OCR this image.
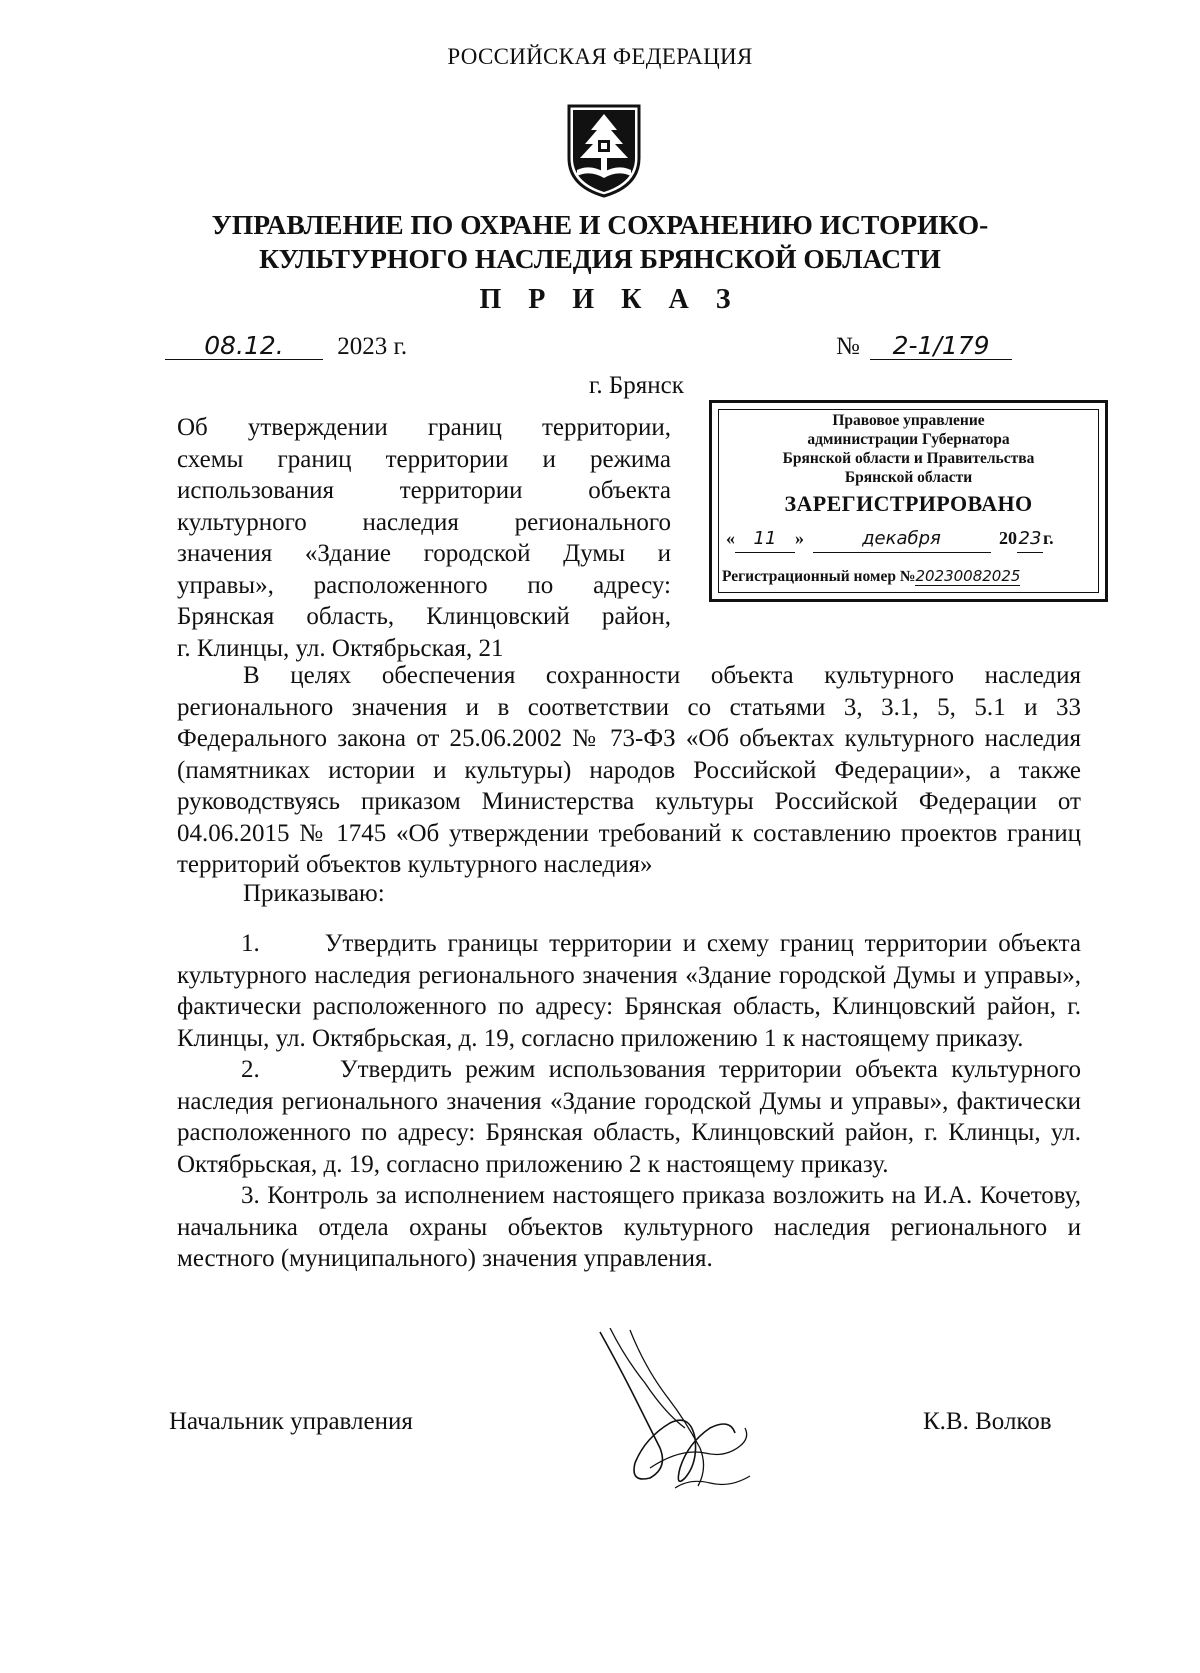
РОССИЙСКАЯ ФЕДЕРАЦИЯ
УПРАВЛЕНИЕ ПО ОХРАНЕ И СОХРАНЕНИЮ ИСТОРИКО-
КУЛЬТУРНОГО НАСЛЕДИЯ БРЯНСКОЙ ОБЛАСТИ
П Р И К А З
08.12. 2023 г.	№ 2-1/179
г. Брянск
Об утверждении границ территории,
схемы границ территории и режима
использования территории объекта
культурного наследия регионального
значения «Здание городской Думы и
управы», расположенного по адресу:
Брянская область, Клинцовский район,
г. Клинцы, ул. Октябрьская, 21
Правовое управление
администрации Губернатора
Брянской области и Правительства
Брянской области
ЗАРЕГИСТРИРОВАНО
« 11 »	декабря	2023г.
Регистрационный номер №20230082025

В целях обеспечения сохранности объекта культурного наследия регионального значения и в соответствии со статьями 3, 3.1, 5, 5.1 и 33 Федерального закона от 25.06.2002 № 73-ФЗ «Об объектах культурного наследия (памятниках истории и культуры) народов Российской Федерации», а также руководствуясь приказом Министерства культуры Российской Федерации от 04.06.2015 № 1745 «Об утверждении требований к составлению проектов границ территорий объектов культурного наследия»

Приказываю:

1.      Утвердить границы территории и схему границ территории объекта культурного наследия регионального значения «Здание городской Думы и управы», фактически расположенного по адресу: Брянская область, Клинцовский район, г. Клинцы, ул. Октябрьская, д. 19, согласно приложению 1 к настоящему приказу.

2.      Утвердить режим использования территории объекта культурного наследия регионального значения «Здание городской Думы и управы», фактически расположенного по адресу: Брянская область, Клинцовский район, г. Клинцы, ул. Октябрьская, д. 19, согласно приложению 2 к настоящему приказу.

3. Контроль за исполнением настоящего приказа возложить на И.А. Кочетову, начальника отдела охраны объектов культурного наследия регионального и местного (муниципального) значения управления.

Начальник управления	К.В. Волков
